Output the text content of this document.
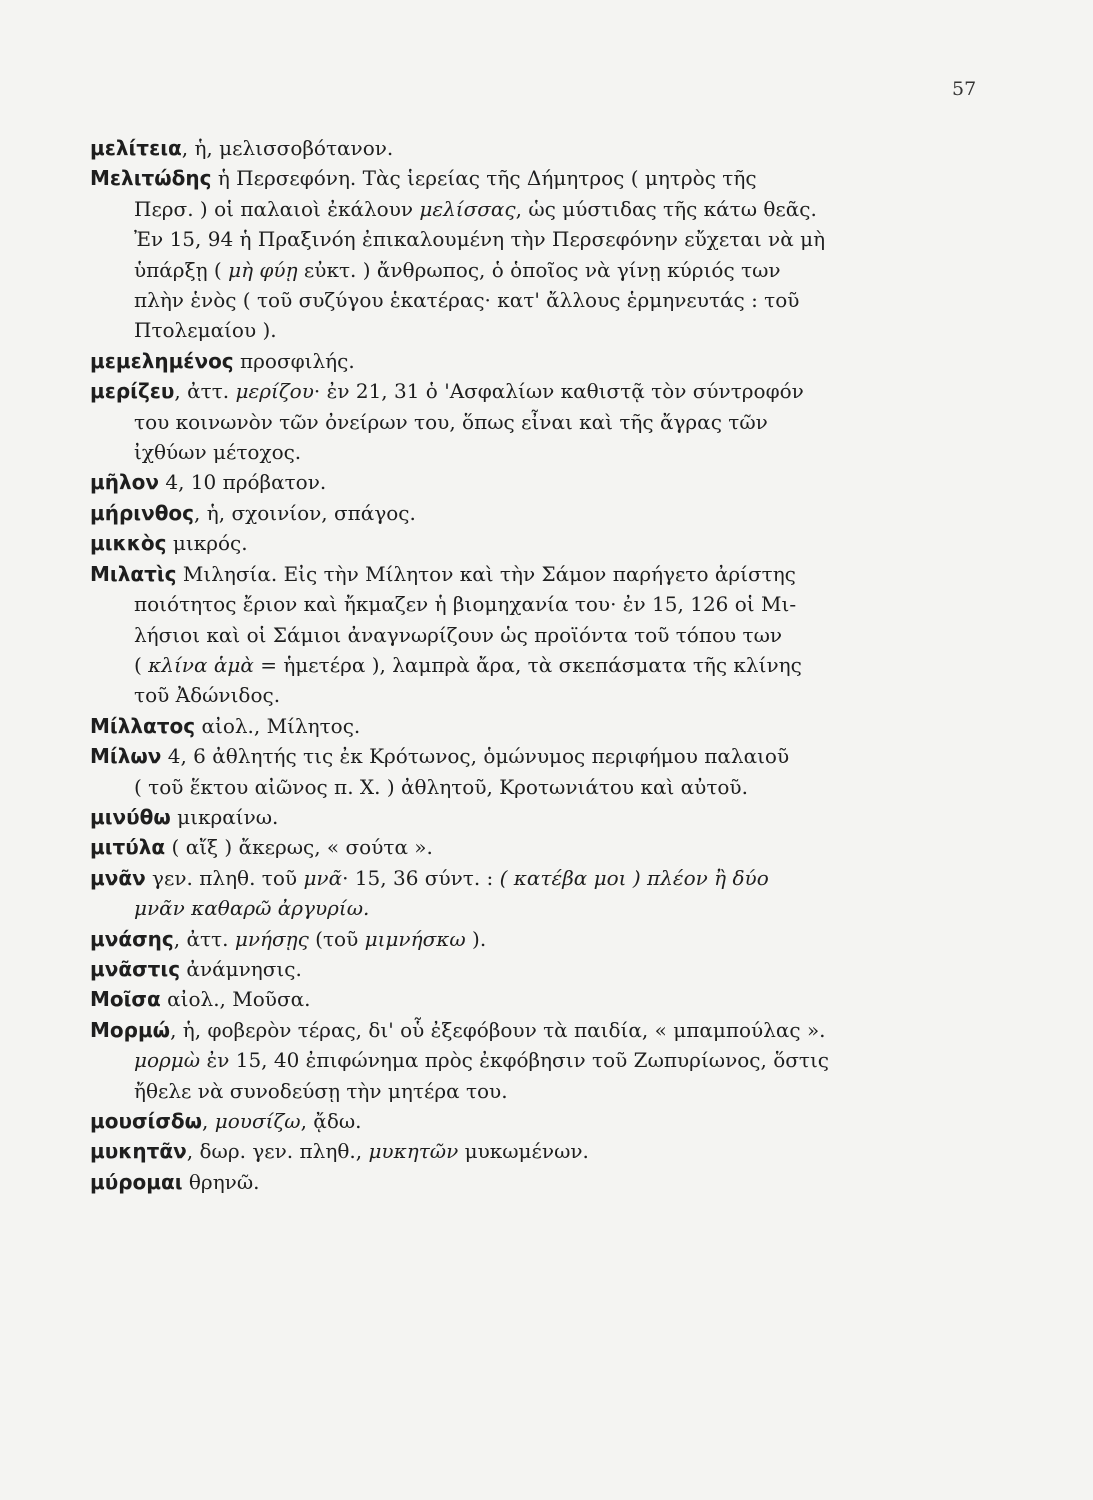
57
μελίτεια, ἡ, μελισσοβότανον.
Μελιτώδης ἡ Περσεφόνη. Τὰς ἱερείας τῆς Δήμητρος ( μητρὸς τῆς
Περσ. ) οἱ παλαιοὶ ἐκάλουν μελίσσας, ὡς μύστιδας τῆς κάτω θεᾶς.
Ἐν 15, 94 ἡ Πραξινόη ἐπικαλουμένη τὴν Περσεφόνην εὔχεται νὰ μὴ
ὑπάρξῃ ( μὴ φύῃ εὐκτ. ) ἄνθρωπος, ὁ ὁποῖος νὰ γίνῃ κύριός των
πλὴν ἑνὸς ( τοῦ συζύγου ἑκατέρας· κατ' ἄλλους ἑρμηνευτάς : τοῦ
Πτολεμαίου ).
μεμελημένος προσφιλής.
μερίζευ, ἀττ. μερίζου· ἐν 21, 31 ὁ 'Ασφαλίων καθιστᾷ τὸν σύντροφόν
του κοινωνὸν τῶν ὀνείρων του, ὅπως εἶναι καὶ τῆς ἄγρας τῶν
ἰχθύων μέτοχος.
μῆλον 4, 10 πρόβατον.
μήρινθος, ἡ, σχοινίον, σπάγος.
μικκὸς μικρός.
Μιλατὶς Μιλησία. Εἰς τὴν Μίλητον καὶ τὴν Σάμον παρήγετο ἀρίστης
ποιότητος ἔριον καὶ ἤκμαζεν ἡ βιομηχανία του· ἐν 15, 126 οἱ Μι-
λήσιοι καὶ οἱ Σάμιοι ἀναγνωρίζουν ὡς προϊόντα τοῦ τόπου των
( κλίνα ἁμὰ = ἡμετέρα ), λαμπρὰ ἄρα, τὰ σκεπάσματα τῆς κλίνης
τοῦ Ἀδώνιδος.
Μίλλατος αἰολ., Μίλητος.
Μίλων 4, 6 ἀθλητής τις ἐκ Κρότωνος, ὁμώνυμος περιφήμου παλαιοῦ
( τοῦ ἕκτου αἰῶνος π. Χ. ) ἀθλητοῦ, Κροτωνιάτου καὶ αὐτοῦ.
μινύθω μικραίνω.
μιτύλα ( αἴξ ) ἄκερως, « σούτα ».
μνᾶν γεν. πληθ. τοῦ μνᾶ· 15, 36 σύντ. : ( κατέβα μοι ) πλέον ἢ δύο
μνᾶν καθαρῶ ἀργυρίω.
μνάσης, ἀττ. μνήσῃς (τοῦ μιμνήσκω ).
μνᾶστις ἀνάμνησις.
Μοῖσα αἰολ., Μοῦσα.
Μορμώ, ἡ, φοβερὸν τέρας, δι' οὗ ἐξεφόβουν τὰ παιδία, « μπαμπούλας ».
μορμὼ ἐν 15, 40 ἐπιφώνημα πρὸς ἐκφόβησιν τοῦ Ζωπυρίωνος, ὅστις
ἤθελε νὰ συνοδεύσῃ τὴν μητέρα του.
μουσίσδω, μουσίζω, ᾄδω.
μυκητᾶν, δωρ. γεν. πληθ., μυκητῶν μυκωμένων.
μύρομαι θρηνῶ.
